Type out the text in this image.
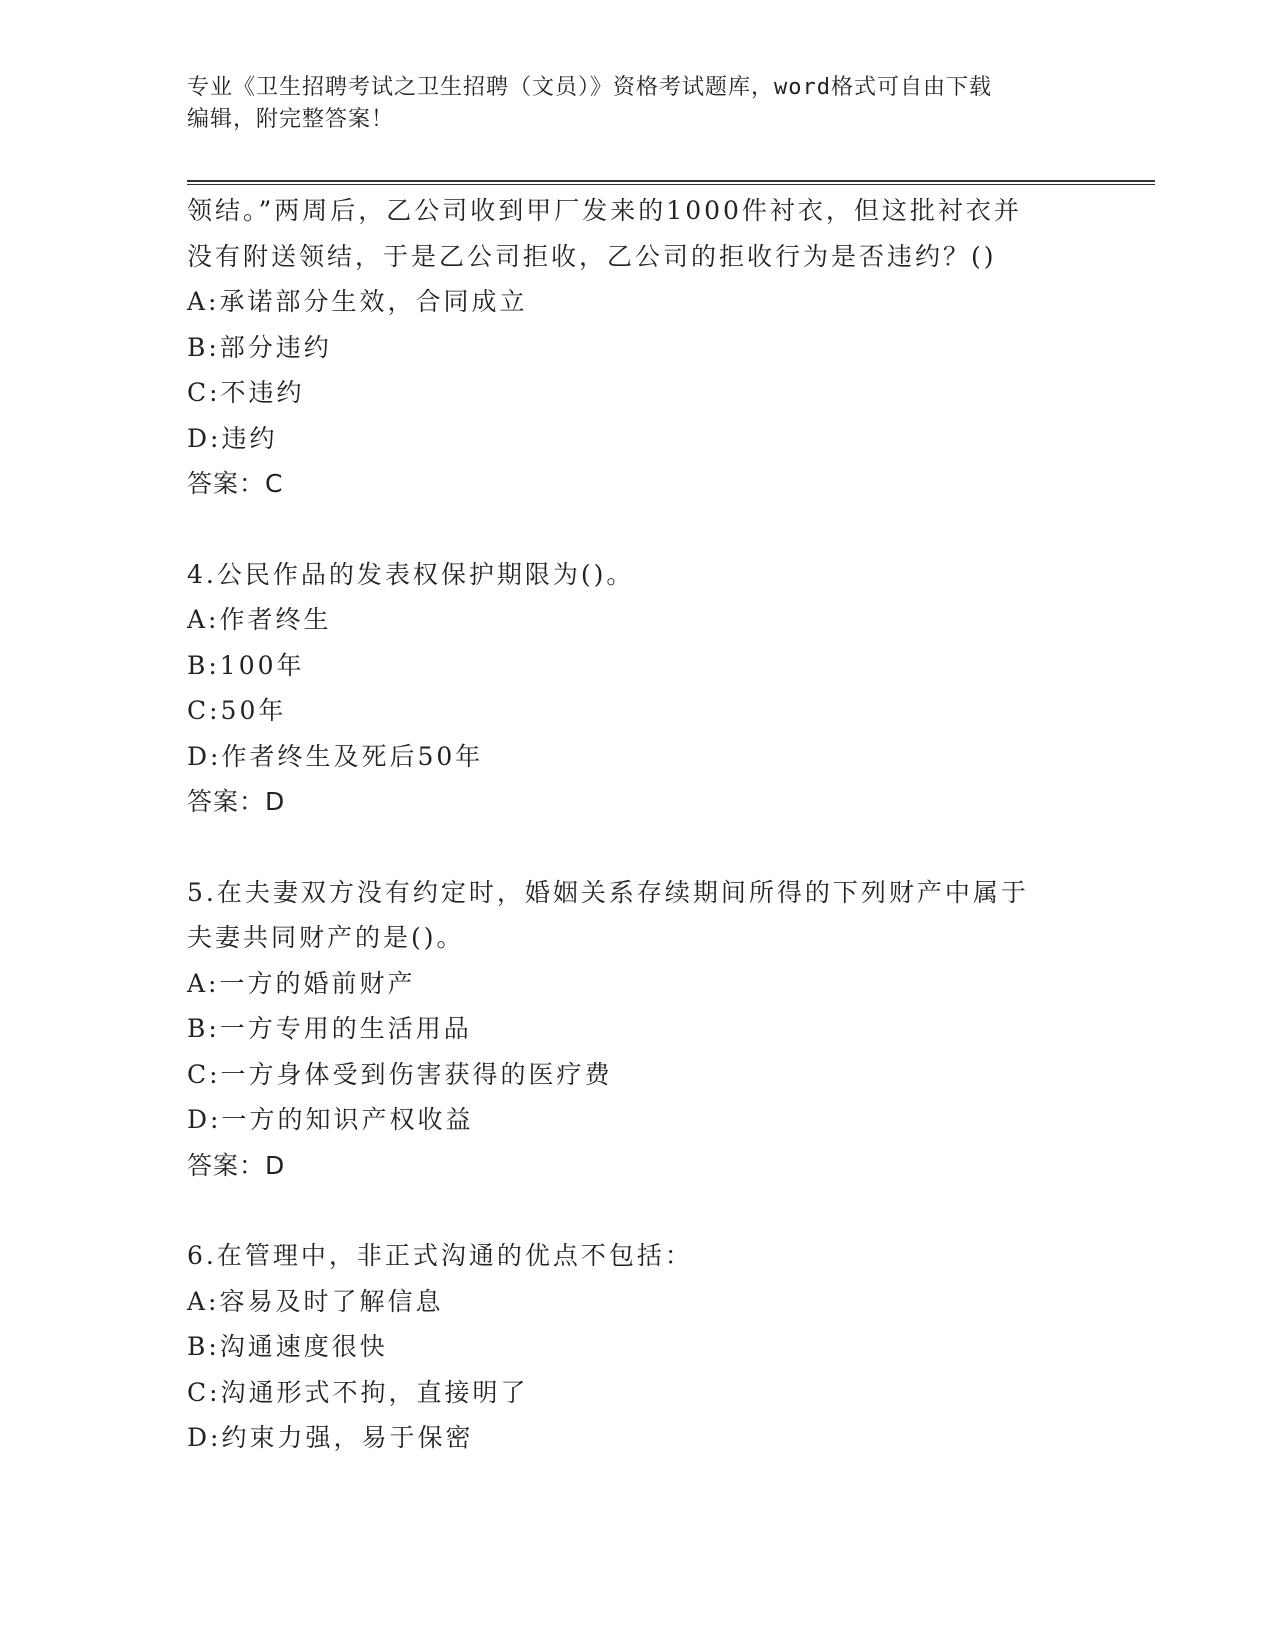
专业《卫生招聘考试之卫生招聘（文员）》资格考试题库，word格式可自由下载
编辑，附完整答案！
领结。”两周后，乙公司收到甲厂发来的1000件衬衣，但这批衬衣并
没有附送领结，于是乙公司拒收，乙公司的拒收行为是否违约？()
A:承诺部分生效，合同成立
B:部分违约
C:不违约
D:违约
答案：C
4.公民作品的发表权保护期限为()。
A:作者终生
B:100年
C:50年
D:作者终生及死后50年
答案：D
5.在夫妻双方没有约定时，婚姻关系存续期间所得的下列财产中属于
夫妻共同财产的是()。
A:一方的婚前财产
B:一方专用的生活用品
C:一方身体受到伤害获得的医疗费
D:一方的知识产权收益
答案：D
6.在管理中，非正式沟通的优点不包括：
A:容易及时了解信息
B:沟通速度很快
C:沟通形式不拘，直接明了
D:约束力强，易于保密
